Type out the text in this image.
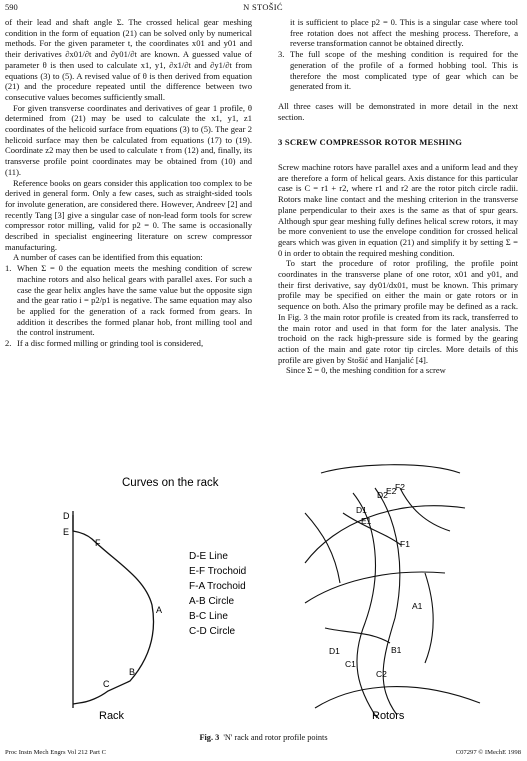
590	N STOŠIĆ

of their lead and shaft angle Σ. The crossed helical gear meshing condition in the form of equation (21) can be solved only by numerical methods. For the given parameter t, the coordinates x01 and y01 and their derivatives ∂x01/∂t and ∂y01/∂t are known. A guessed value of parameter θ is then used to calculate x1, y1, ∂x1/∂t and ∂y1/∂t from equations (3) to (5). A revised value of θ is then derived from equation (21) and the procedure repeated until the difference between two consecutive values becomes sufficiently small.

For given transverse coordinates and derivatives of gear 1 profile, θ determined from (21) may be used to calculate the x1, y1, z1 coordinates of the helicoid surface from equations (3) to (5). The gear 2 helicoid surface may then be calculated from equations (17) to (19). Coordinate z2 may then be used to calculate τ from (12) and, finally, its transverse profile point coordinates may be obtained from (10) and (11).

Reference books on gears consider this application too complex to be derived in general form. Only a few cases, such as straight-sided tools for involute generation, are considered there. However, Andreev [2] and recently Tang [3] give a singular case of non-lead form tools for screw compressor rotor milling, valid for p2 = 0. The same is occasionally described in specialist engineering literature on screw compressor manufacturing.

A number of cases can be identified from this equation:

1. When Σ = 0 the equation meets the meshing condition of screw machine rotors and also helical gears with parallel axes. For such a case the gear helix angles have the same value but the opposite sign and the gear ratio i = p2/p1 is negative. The same equation may also be applied for the generation of a rack formed from gears. In addition it describes the formed planar hob, front milling tool and the control instrument.
2. If a disc formed milling or grinding tool is considered,
it is sufficient to place p2 = 0. This is a singular case where tool free rotation does not affect the meshing process. Therefore, a reverse transformation cannot be obtained directly.
3. The full scope of the meshing condition is required for the generation of the profile of a formed hobbing tool. This is therefore the most complicated type of gear which can be generated from it.

All three cases will be demonstrated in more detail in the next section.

3 SCREW COMPRESSOR ROTOR MESHING

Screw machine rotors have parallel axes and a uniform lead and they are therefore a form of helical gears. Axis distance for this particular case is C = r1 + r2, where r1 and r2 are the rotor pitch circle radii. Rotors make line contact and the meshing criterion in the transverse plane perpendicular to their axes is the same as that of spur gears. Although spur gear meshing fully defines helical screw rotors, it may be more convenient to use the envelope condition for crossed helical gears which was given in equation (21) and simplify it by setting Σ = 0 in order to obtain the required meshing condition.

To start the procedure of rotor profiling, the profile point coordinates in the transverse plane of one rotor, x01 and y01, and their first derivative, say dy01/dx01, must be known. This primary profile may be specified on either the main or gate rotors or in sequence on both. Also the primary profile may be defined as a rack. In Fig. 3 the main rotor profile is created from its rack, transferred to the main rotor and used in that form for the later analysis. The trochoid on the rack high-pressure side is formed by the gearing action of the main and gate rotor tip circles. More details of this profile are given by Stošić and Hanjalić [4].

Since Σ = 0, the meshing condition for a screw

Curves on the rack
D
E
F
A
B
C
D-E Line
E-F Trochoid
F-A Trochoid
A-B Circle
B-C Line
C-D Circle
Rack
D2
E2
F2
D1
E1
F1
A1
B1
C1
D1
C2
Rotors
Fig. 3 'N' rack and rotor profile points
Proc Instn Mech Engrs Vol 212 Part C	C07297 © IMechE 1998
